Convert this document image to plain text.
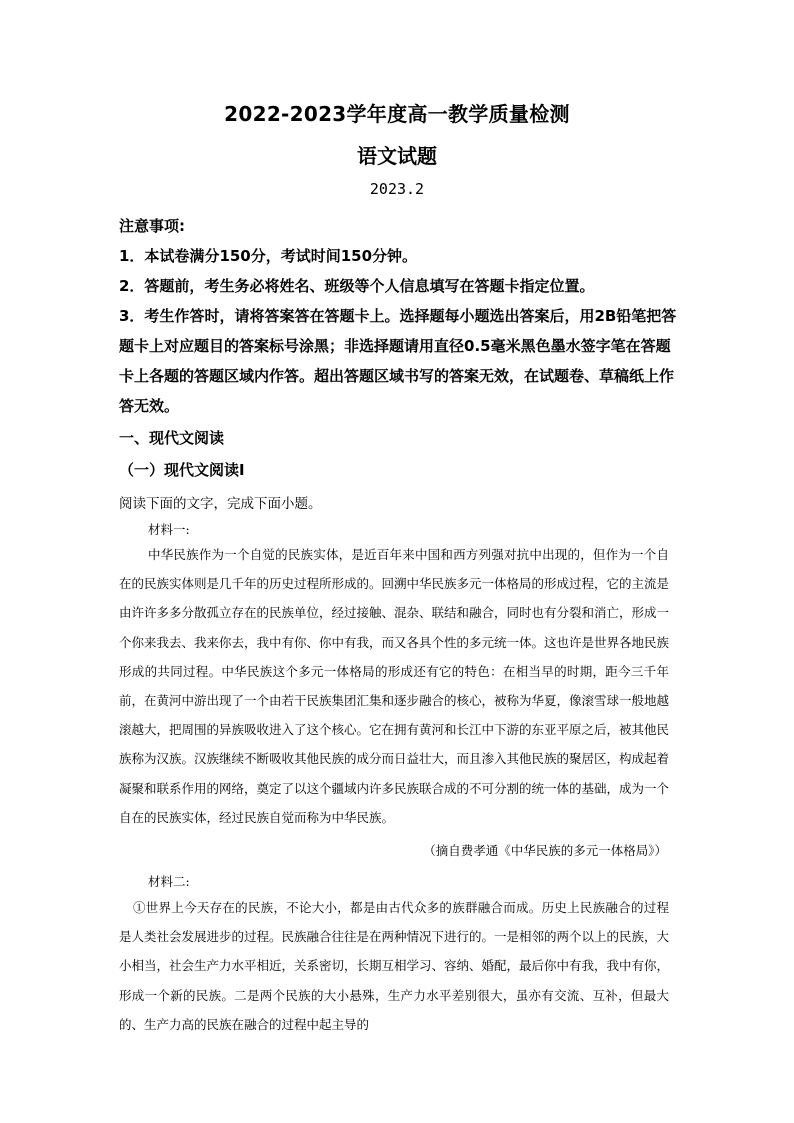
2022-2023学年度高一教学质量检测
语文试题
2023.2

注意事项:

1．本试卷满分150分，考试时间150分钟。

2．答题前，考生务必将姓名、班级等个人信息填写在答题卡指定位置。

3．考生作答时，请将答案答在答题卡上。选择题每小题选出答案后，用2B铅笔把答题卡上对应题目的答案标号涂黑；非选择题请用直径0.5毫米黑色墨水签字笔在答题卡上各题的答题区域内作答。超出答题区域书写的答案无效，在试题卷、草稿纸上作答无效。

一、现代文阅读
（一）现代文阅读Ⅰ
阅读下面的文字，完成下面小题。
材料一:

中华民族作为一个自觉的民族实体，是近百年来中国和西方列强对抗中出现的，但作为一个自在的民族实体则是几千年的历史过程所形成的。回溯中华民族多元一体格局的形成过程，它的主流是由许许多多分散孤立存在的民族单位，经过接触、混杂、联结和融合，同时也有分裂和消亡，形成一个你来我去、我来你去，我中有你、你中有我，而又各具个性的多元统一体。这也许是世界各地民族形成的共同过程。中华民族这个多元一体格局的形成还有它的特色：在相当早的时期，距今三千年前，在黄河中游出现了一个由若干民族集团汇集和逐步融合的核心，被称为华夏，像滚雪球一般地越滚越大，把周围的异族吸收进入了这个核心。它在拥有黄河和长江中下游的东亚平原之后，被其他民族称为汉族。汉族继续不断吸收其他民族的成分而日益壮大，而且渗入其他民族的聚居区，构成起着凝聚和联系作用的网络，奠定了以这个疆域内许多民族联合成的不可分割的统一体的基础，成为一个自在的民族实体，经过民族自觉而称为中华民族。

（摘自费孝通《中华民族的多元一体格局》）
材料二:

①世界上今天存在的民族，不论大小，都是由古代众多的族群融合而成。历史上民族融合的过程是人类社会发展进步的过程。民族融合往往是在两种情况下进行的。一是相邻的两个以上的民族，大小相当，社会生产力水平相近，关系密切，长期互相学习、容纳、婚配，最后你中有我，我中有你，形成一个新的民族。二是两个民族的大小悬殊，生产力水平差别很大，虽亦有交流、互补，但最大的、生产力高的民族在融合的过程中起主导的
